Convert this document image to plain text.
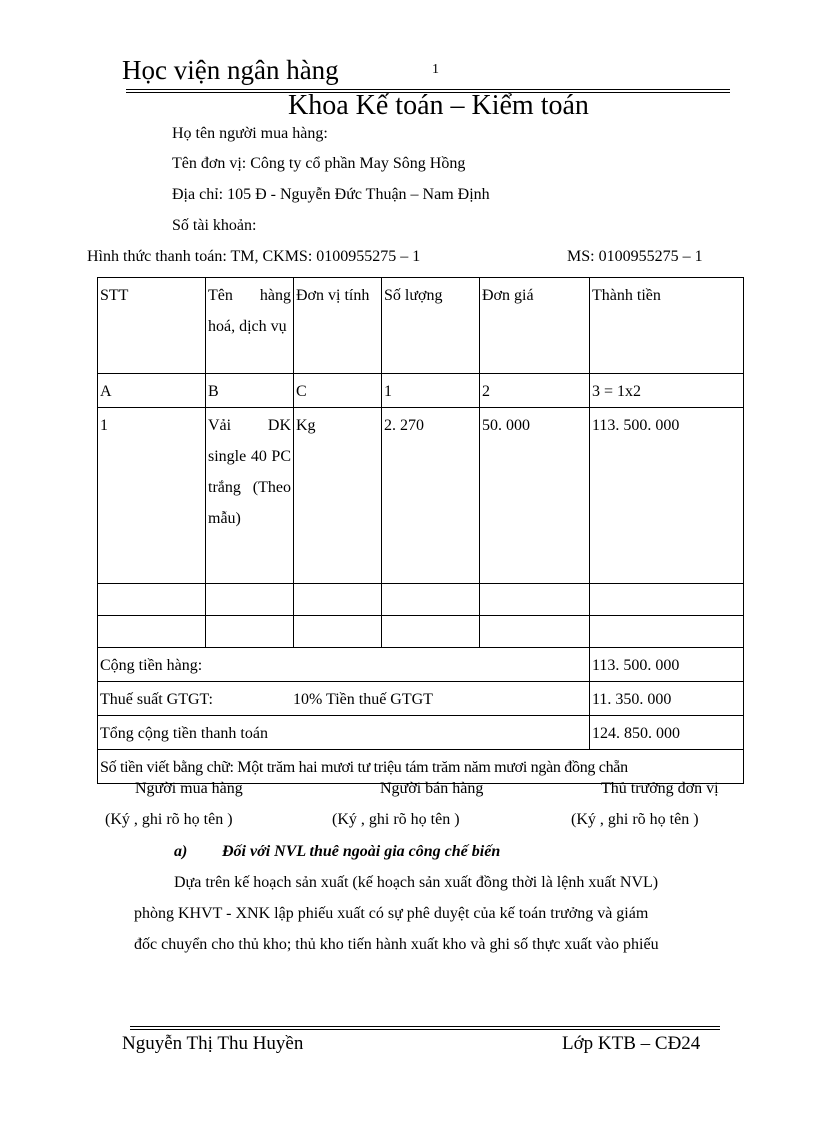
Học viện ngân hàng	1
Khoa Kế toán – Kiểm toán
Họ tên người mua hàng:
Tên đơn vị: Công ty cổ phần May Sông Hồng
Địa chỉ: 105 Đ - Nguyễn Đức Thuận – Nam Định
Số tài khoản:
Hình thức thanh toán: TM, CKMS: 0100955275 – 1	MS: 0100955275 – 1
STT	Tên hàng hoá, dịch vụ	Đơn vị tính	Số lượng	Đơn giá	Thành tiền
A	B	C	1	2	3 = 1x2
1	Vải DK single 40 PC trắng (Theo mẫu)	Kg	2. 270	50. 000	113. 500. 000

Cộng tiền hàng:					113. 500. 000
Thuế suất GTGT: 10% Tiền thuế GTGT					11. 350. 000
Tổng cộng tiền thanh toán					124. 850. 000
Số tiền viết bằng chữ: Một trăm hai mươi tư triệu tám trăm năm mươi ngàn đồng chẵn					
Người mua hàng	Người bán hàng	Thủ trưởng đơn vị
(Ký , ghi rõ họ tên )	(Ký , ghi rõ họ tên )	(Ký , ghi rõ họ tên )
a) Đối với NVL thuê ngoài gia công chế biến
Dựa trên kế hoạch sản xuất (kế hoạch sản xuất đồng thời là lệnh xuất NVL)
phòng KHVT - XNK lập phiếu xuất có sự phê duyệt của kế toán trưởng và giám
đốc chuyển cho thủ kho; thủ kho tiến hành xuất kho và ghi số thực xuất vào phiếu
Nguyễn Thị Thu Huyền	Lớp KTB – CĐ24
